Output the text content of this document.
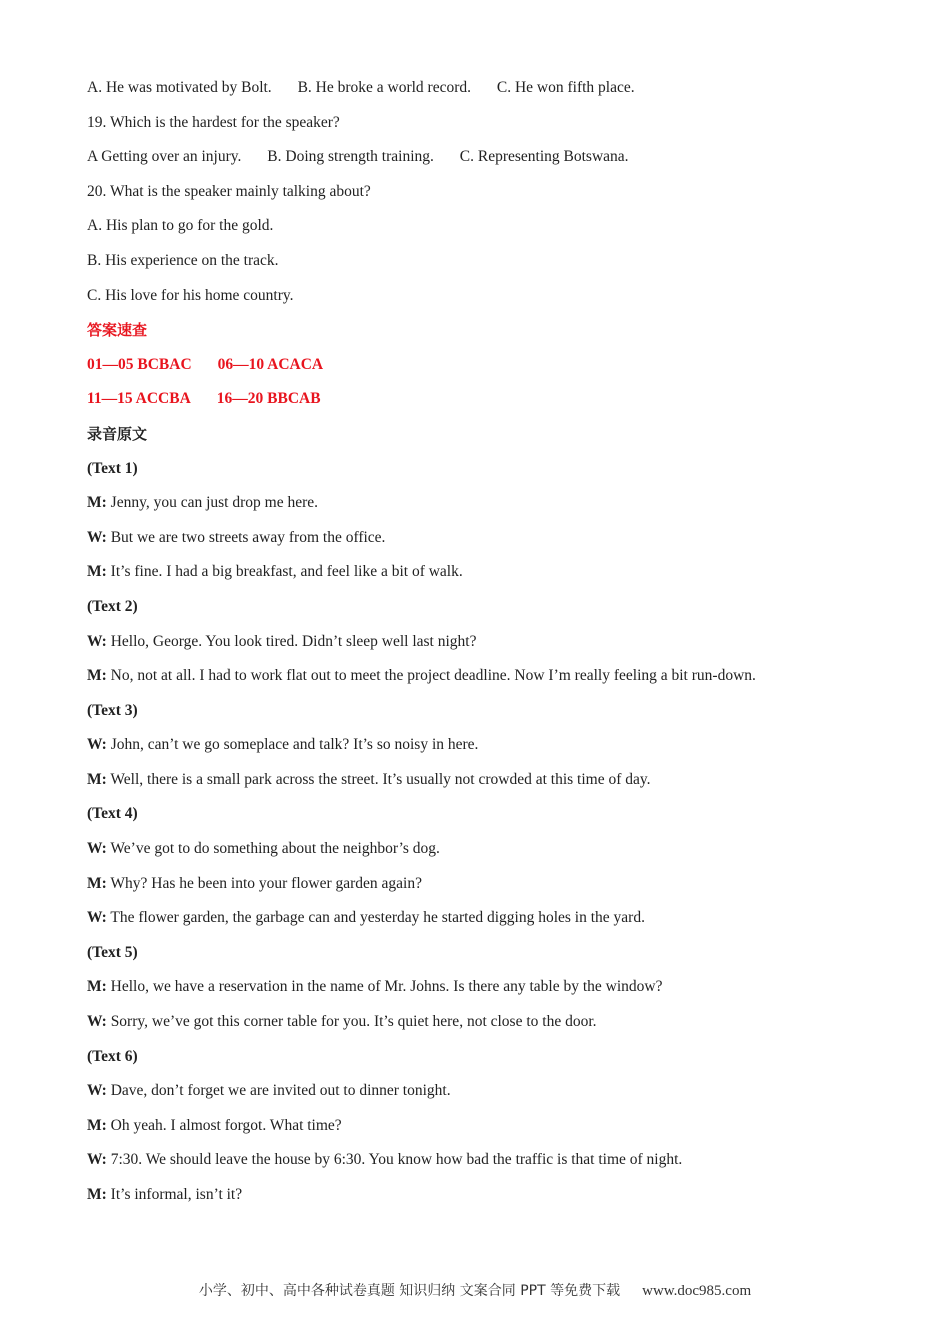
A. He was motivated by Bolt. B. He broke a world record. C. He won fifth place.
19. Which is the hardest for the speaker?
A Getting over an injury. B. Doing strength training. C. Representing Botswana.
20. What is the speaker mainly talking about?
A. His plan to go for the gold.
B. His experience on the track.
C. His love for his home country.
答案速查
01—05 BCBAC 06—10 ACACA
11—15 ACCBA 16—20 BBCAB
录音原文
(Text 1)
M: Jenny, you can just drop me here.
W: But we are two streets away from the office.
M: It’s fine. I had a big breakfast, and feel like a bit of walk.
(Text 2)
W: Hello, George. You look tired. Didn’t sleep well last night?
M: No, not at all. I had to work flat out to meet the project deadline. Now I’m really feeling a bit run-down.
(Text 3)
W: John, can’t we go someplace and talk? It’s so noisy in here.
M: Well, there is a small park across the street. It’s usually not crowded at this time of day.
(Text 4)
W: We’ve got to do something about the neighbor’s dog.
M: Why? Has he been into your flower garden again?
W: The flower garden, the garbage can and yesterday he started digging holes in the yard.
(Text 5)
M: Hello, we have a reservation in the name of Mr. Johns. Is there any table by the window?
W: Sorry, we’ve got this corner table for you. It’s quiet here, not close to the door.
(Text 6)
W: Dave, don’t forget we are invited out to dinner tonight.
M: Oh yeah. I almost forgot. What time?
W: 7:30. We should leave the house by 6:30. You know how bad the traffic is that time of night.
M: It’s informal, isn’t it?
小学、初中、高中各种试卷真题 知识归纳 文案合同 PPT 等免费下载 www.doc985.com
